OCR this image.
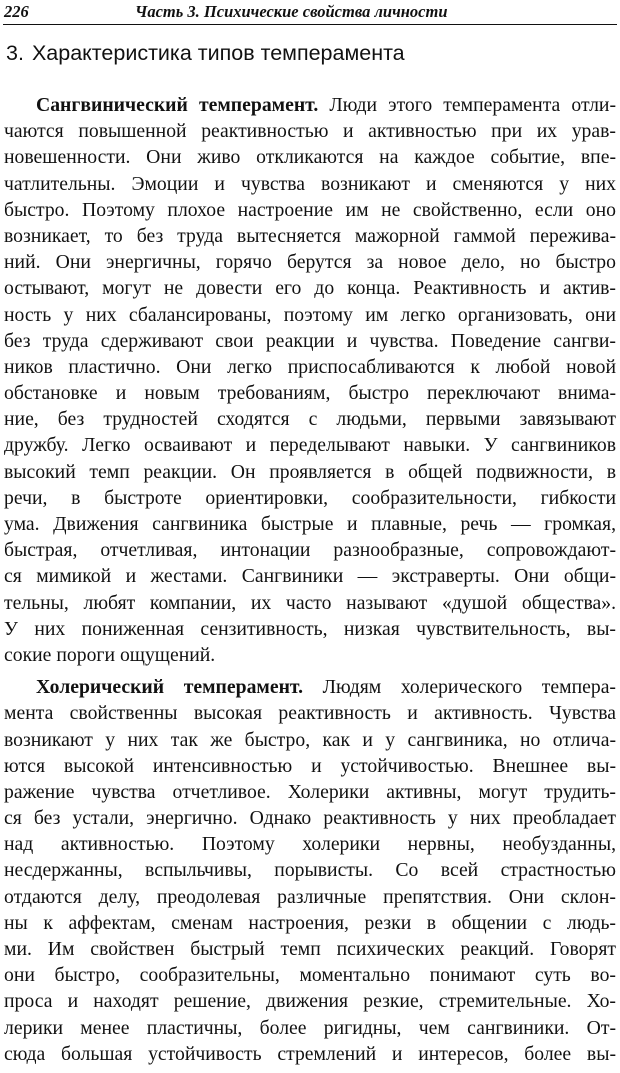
226	Часть 3. Психические свойства личности
3. Характеристика типов темперамента
Сангвинический темперамент. Люди этого темперамента отли-
чаются повышенной реактивностью и активностью при их урав-
новешенности. Они живо откликаются на каждое событие, впе-
чатлительны. Эмоции и чувства возникают и сменяются у них
быстро. Поэтому плохое настроение им не свойственно, если оно
возникает, то без труда вытесняется мажорной гаммой пережива-
ний. Они энергичны, горячо берутся за новое дело, но быстро
остывают, могут не довести его до конца. Реактивность и актив-
ность у них сбалансированы, поэтому им легко организовать, они
без труда сдерживают свои реакции и чувства. Поведение сангви-
ников пластично. Они легко приспосабливаются к любой новой
обстановке и новым требованиям, быстро переключают внима-
ние, без трудностей сходятся с людьми, первыми завязывают
дружбу. Легко осваивают и переделывают навыки. У сангвиников
высокий темп реакции. Он проявляется в общей подвижности, в
речи, в быстроте ориентировки, сообразительности, гибкости
ума. Движения сангвиника быстрые и плавные, речь — громкая,
быстрая, отчетливая, интонации разнообразные, сопровождают-
ся мимикой и жестами. Сангвиники — экстраверты. Они общи-
тельны, любят компании, их часто называют «душой общества».
У них пониженная сензитивность, низкая чувствительность, вы-
сокие пороги ощущений.
Холерический темперамент. Людям холерического темпера-
мента свойственны высокая реактивность и активность. Чувства
возникают у них так же быстро, как и у сангвиника, но отлича-
ются высокой интенсивностью и устойчивостью. Внешнее вы-
ражение чувства отчетливое. Холерики активны, могут трудить-
ся без устали, энергично. Однако реактивность у них преобладает
над активностью. Поэтому холерики нервны, необузданны,
несдержанны, вспыльчивы, порывисты. Со всей страстностью
отдаются делу, преодолевая различные препятствия. Они склон-
ны к аффектам, сменам настроения, резки в общении с людь-
ми. Им свойствен быстрый темп психических реакций. Говорят
они быстро, сообразительны, моментально понимают суть во-
проса и находят решение, движения резкие, стремительные. Хо-
лерики менее пластичны, более ригидны, чем сангвиники. От-
сюда большая устойчивость стремлений и интересов, более вы-
